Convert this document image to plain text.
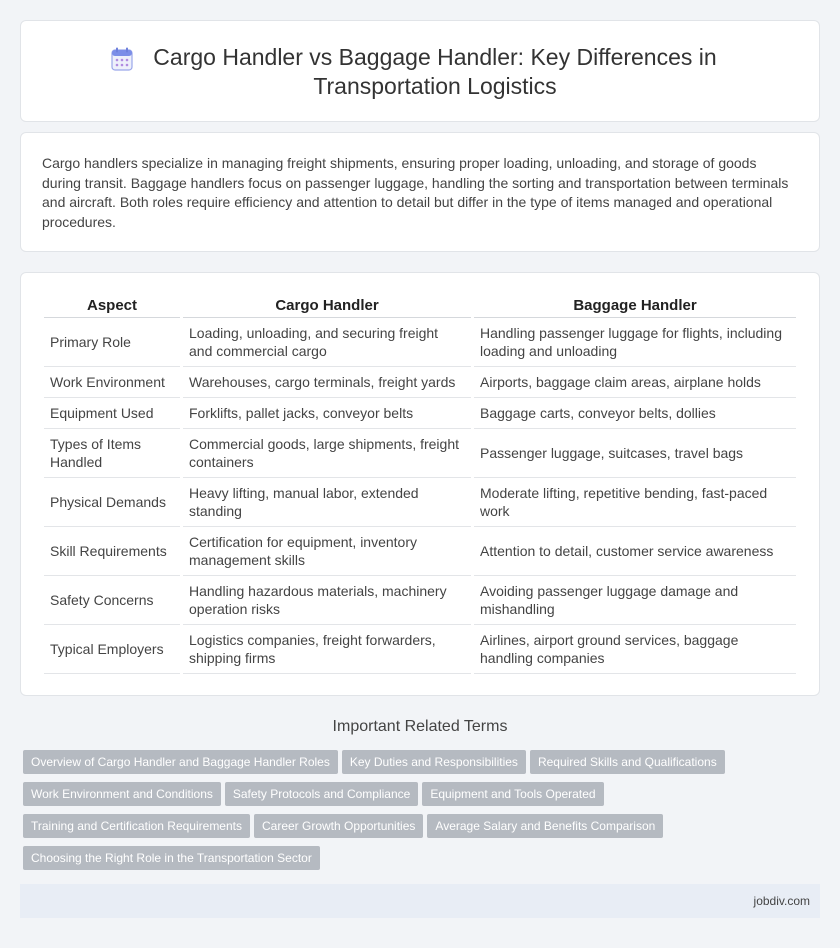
Cargo Handler vs Baggage Handler: Key Differences in Transportation Logistics

Cargo handlers specialize in managing freight shipments, ensuring proper loading, unloading, and storage of goods during transit. Baggage handlers focus on passenger luggage, handling the sorting and transportation between terminals and aircraft. Both roles require efficiency and attention to detail but differ in the type of items managed and operational procedures.

Aspect	Cargo Handler	Baggage Handler
Primary Role	Loading, unloading, and securing freight and commercial cargo	Handling passenger luggage for flights, including loading and unloading
Work Environment	Warehouses, cargo terminals, freight yards	Airports, baggage claim areas, airplane holds
Equipment Used	Forklifts, pallet jacks, conveyor belts	Baggage carts, conveyor belts, dollies
Types of Items Handled	Commercial goods, large shipments, freight containers	Passenger luggage, suitcases, travel bags
Physical Demands	Heavy lifting, manual labor, extended standing	Moderate lifting, repetitive bending, fast-paced work
Skill Requirements	Certification for equipment, inventory management skills	Attention to detail, customer service awareness
Safety Concerns	Handling hazardous materials, machinery operation risks	Avoiding passenger luggage damage and mishandling
Typical Employers	Logistics companies, freight forwarders, shipping firms	Airlines, airport ground services, baggage handling companies
Important Related Terms
Overview of Cargo Handler and Baggage Handler Roles Key Duties and Responsibilities Required Skills and Qualifications
Work Environment and Conditions Safety Protocols and Compliance Equipment and Tools Operated
Training and Certification Requirements Career Growth Opportunities Average Salary and Benefits Comparison
Choosing the Right Role in the Transportation Sector
jobdiv.com
